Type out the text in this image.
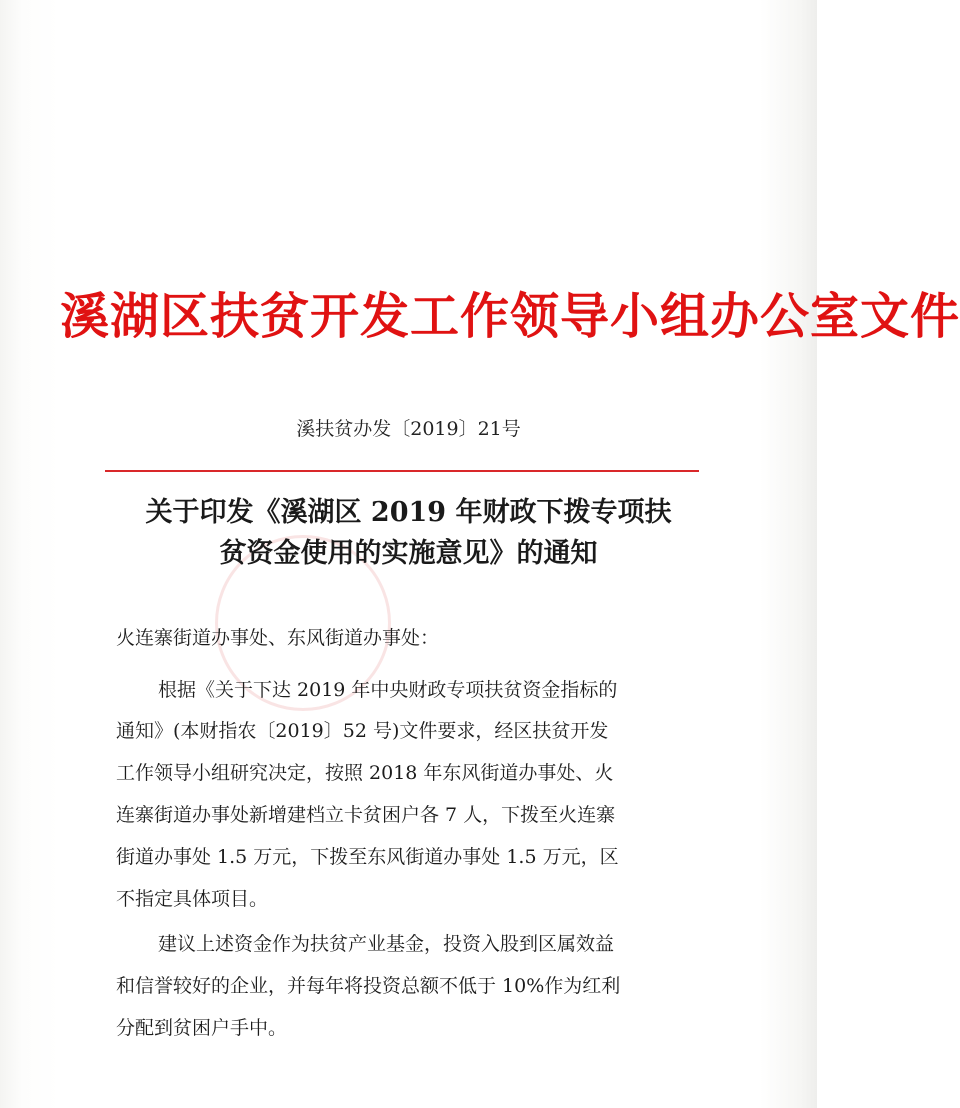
溪湖区扶贫开发工作领导小组办公室文件
溪扶贫办发〔2019〕21号
关于印发《溪湖区 2019 年财政下拨专项扶
贫资金使用的实施意见》的通知
火连寨街道办事处、东风街道办事处：
根据《关于下达 2019 年中央财政专项扶贫资金指标的
通知》(本财指农〔2019〕52 号)文件要求，经区扶贫开发
工作领导小组研究决定，按照 2018 年东风街道办事处、火
连寨街道办事处新增建档立卡贫困户各 7 人，下拨至火连寨
街道办事处 1.5 万元，下拨至东风街道办事处 1.5 万元，区
不指定具体项目。
建议上述资金作为扶贫产业基金，投资入股到区属效益
和信誉较好的企业，并每年将投资总额不低于 10%作为红利
分配到贫困户手中。
